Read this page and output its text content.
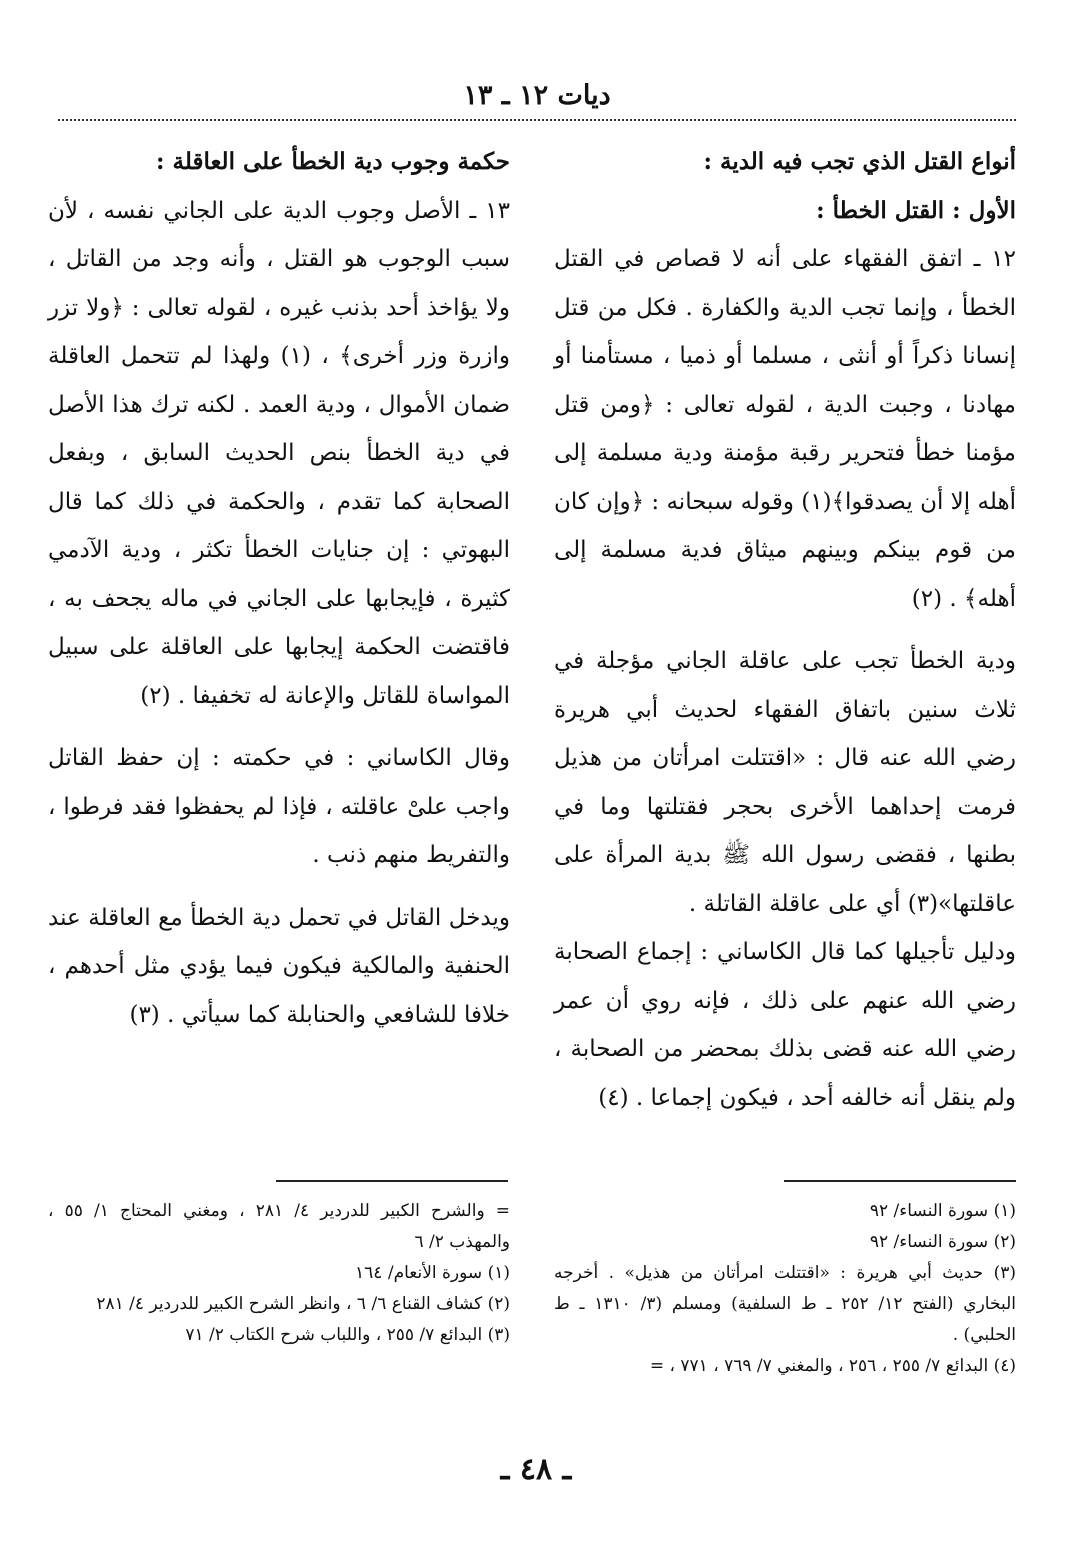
ديات ١٢ ـ ١٣

أنواع القتل الذي تجب فيه الدية :

الأول : القتل الخطأ :

١٢ ـ اتفق الفقهاء على أنه لا قصاص في القتل الخطأ ، وإنما تجب الدية والكفارة . فكل من قتل إنسانا ذكراً أو أنثى ، مسلما أو ذميا ، مستأمنا أو مهادنا ، وجبت الدية ، لقوله تعالى : ﴿ومن قتل مؤمنا خطأ فتحرير رقبة مؤمنة ودية مسلمة إلى أهله إلا أن يصدقوا﴾(١) وقوله سبحانه : ﴿وإن كان من قوم بينكم وبينهم ميثاق فدية مسلمة إلى أهله﴾ . (٢)

ودية الخطأ تجب على عاقلة الجاني مؤجلة في ثلاث سنين باتفاق الفقهاء لحديث أبي هريرة رضي الله عنه قال : «اقتتلت امرأتان من هذيل فرمت إحداهما الأخرى بحجر فقتلتها وما في بطنها ، فقضى رسول الله ﷺ بدية المرأة على عاقلتها»(٣) أي على عاقلة القاتلة .

ودليل تأجيلها كما قال الكاساني : إجماع الصحابة رضي الله عنهم على ذلك ، فإنه روي أن عمر رضي الله عنه قضى بذلك بمحضر من الصحابة ، ولم ينقل أنه خالفه أحد ، فيكون إجماعا . (٤)

حكمة وجوب دية الخطأ على العاقلة :

١٣ ـ الأصل وجوب الدية على الجاني نفسه ، لأن سبب الوجوب هو القتل ، وأنه وجد من القاتل ، ولا يؤاخذ أحد بذنب غيره ، لقوله تعالى : ﴿ولا تزر وازرة وزر أخرى﴾ ، (١) ولهذا لم تتحمل العاقلة ضمان الأموال ، ودية العمد . لكنه ترك هذا الأصل في دية الخطأ بنص الحديث السابق ، وبفعل الصحابة كما تقدم ، والحكمة في ذلك كما قال البهوتي : إن جنايات الخطأ تكثر ، ودية الآدمي كثيرة ، فإيجابها على الجاني في ماله يجحف به ، فاقتضت الحكمة إيجابها على العاقلة على سبيل المواساة للقاتل والإعانة له تخفيفا . (٢)

وقال الكاساني : في حكمته : إن حفظ القاتل واجب علىْ عاقلته ، فإذا لم يحفظوا فقد فرطوا ، والتفريط منهم ذنب .

ويدخل القاتل في تحمل دية الخطأ مع العاقلة عند الحنفية والمالكية فيكون فيما يؤدي مثل أحدهم ، خلافا للشافعي والحنابلة كما سيأتي . (٣)

(١) سورة النساء/ ٩٢

(٢) سورة النساء/ ٩٢

(٣) حديث أبي هريرة : «اقتتلت امرأتان من هذيل» . أخرجه البخاري (الفتح ١٢/ ٢٥٢ ـ ط السلفية) ومسلم (٣/ ١٣١٠ ـ ط الحلبي) .

(٤) البدائع ٧/ ٢٥٥ ، ٢٥٦ ، والمغني ٧/ ٧٦٩ ، ٧٧١ ، =

= والشرح الكبير للدردير ٤/ ٢٨١ ، ومغني المحتاج ١/ ٥٥ ، والمهذب ٢/ ٦

(١) سورة الأنعام/ ١٦٤

(٢) كشاف القناع ٦/ ٦ ، وانظر الشرح الكبير للدردير ٤/ ٢٨١

(٣) البدائع ٧/ ٢٥٥ ، واللباب شرح الكتاب ٢/ ٧١

ـ ٤٨ ـ
